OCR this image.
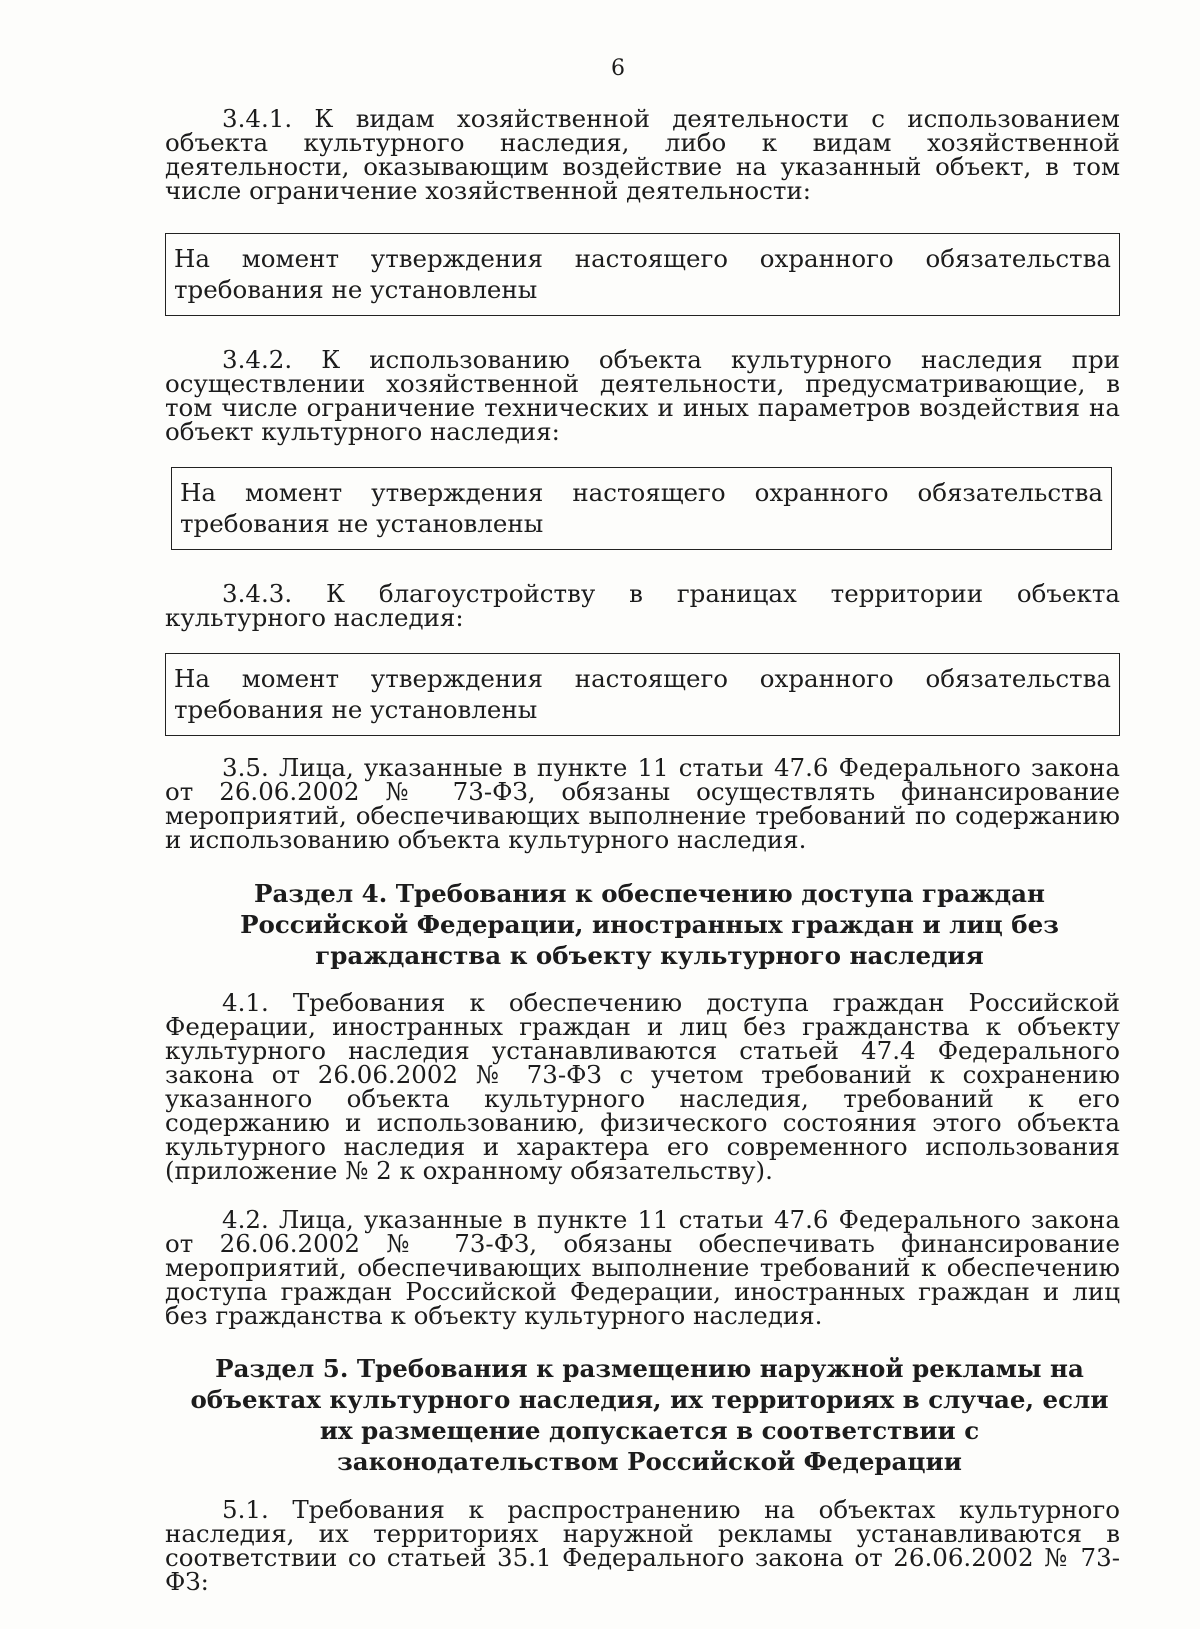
6

3.4.1. К видам хозяйственной деятельности с использованием объекта культурного наследия, либо к видам хозяйственной деятельности, оказывающим воздействие на указанный объект, в том числе ограничение хозяйственной деятельности:

На момент утверждения настоящего охранного обязательства требования не установлены

3.4.2. К использованию объекта культурного наследия при осуществлении хозяйственной деятельности, предусматривающие, в том числе ограничение технических и иных параметров воздействия на объект культурного наследия:

На момент утверждения настоящего охранного обязательства требования не установлены

3.4.3. К благоустройству в границах территории объекта культурного наследия:

На момент утверждения настоящего охранного обязательства требования не установлены

3.5. Лица, указанные в пункте 11 статьи 47.6 Федерального закона от 26.06.2002 № 73-ФЗ, обязаны осуществлять финансирование мероприятий, обеспечивающих выполнение требований по содержанию и использованию объекта культурного наследия.

Раздел 4. Требования к обеспечению доступа граждан Российской Федерации, иностранных граждан и лиц без гражданства к объекту культурного наследия

4.1. Требования к обеспечению доступа граждан Российской Федерации, иностранных граждан и лиц без гражданства к объекту культурного наследия устанавливаются статьей 47.4 Федерального закона от 26.06.2002 № 73-ФЗ с учетом требований к сохранению указанного объекта культурного наследия, требований к его содержанию и использованию, физического состояния этого объекта культурного наследия и характера его современного использования (приложение № 2 к охранному обязательству).

4.2. Лица, указанные в пункте 11 статьи 47.6 Федерального закона от 26.06.2002 № 73-ФЗ, обязаны обеспечивать финансирование мероприятий, обеспечивающих выполнение требований к обеспечению доступа граждан Российской Федерации, иностранных граждан и лиц без гражданства к объекту культурного наследия.

Раздел 5. Требования к размещению наружной рекламы на объектах культурного наследия, их территориях в случае, если их размещение допускается в соответствии с законодательством Российской Федерации

5.1. Требования к распространению на объектах культурного наследия, их территориях наружной рекламы устанавливаются в соответствии со статьей 35.1 Федерального закона от 26.06.2002 № 73-ФЗ:
